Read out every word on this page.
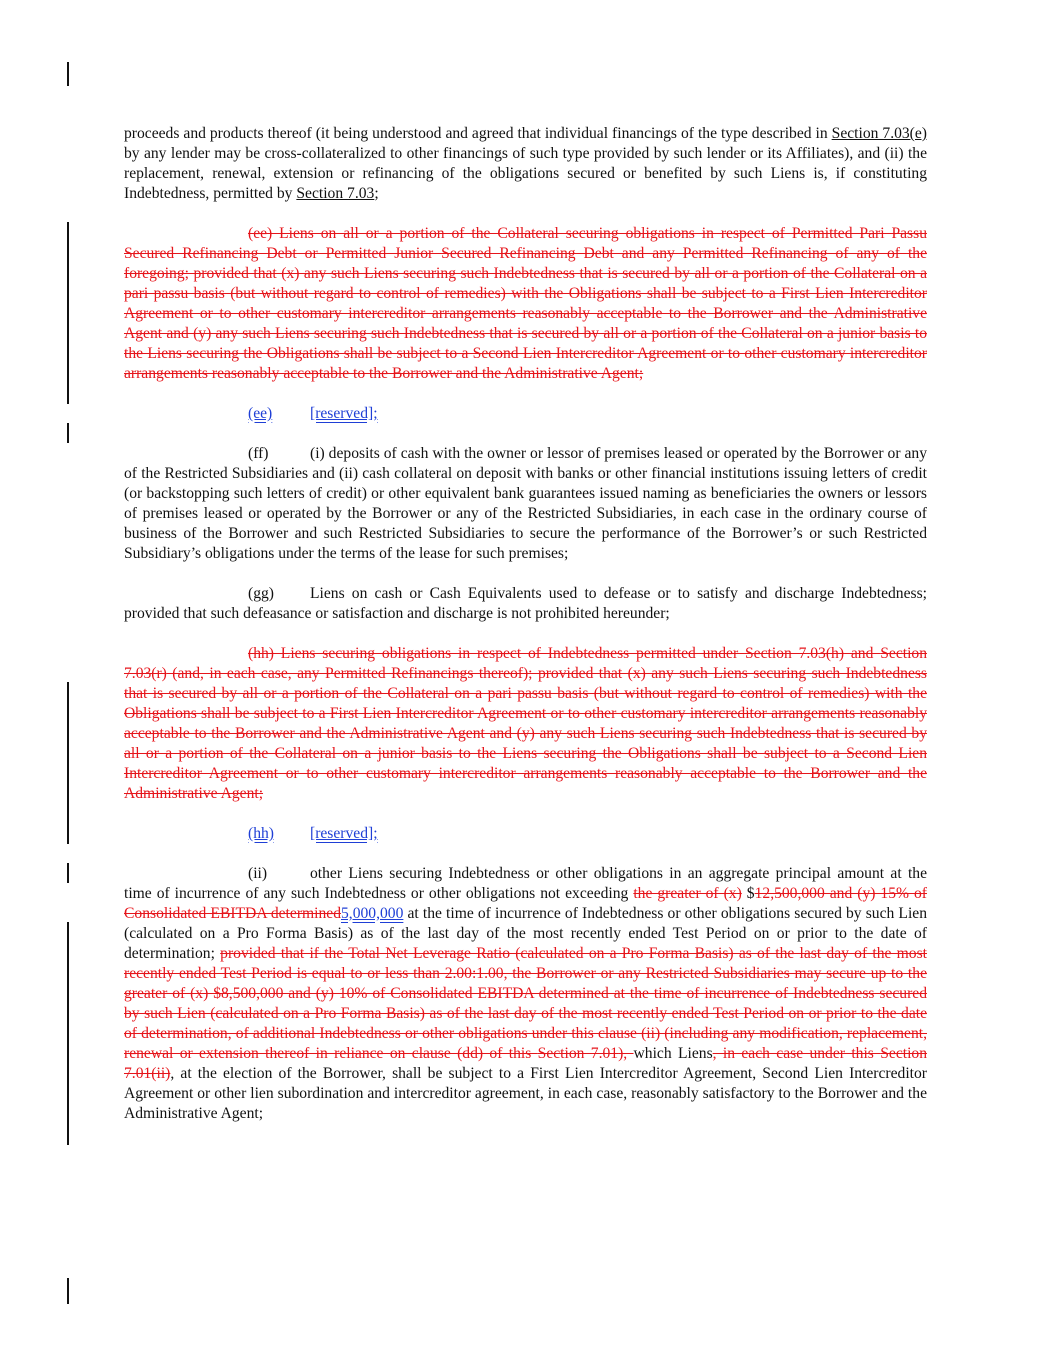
proceeds and products thereof (it being understood and agreed that individual financings of the type described in Section 7.03(e) by any lender may be cross-collateralized to other financings of such type provided by such lender or its Affiliates), and (ii) the replacement, renewal, extension or refinancing of the obligations secured or benefited by such Liens is, if constituting Indebtedness, permitted by Section 7.03;

(ee) Liens on all or a portion of the Collateral securing obligations in respect of Permitted Pari Passu Secured Refinancing Debt or Permitted Junior Secured Refinancing Debt and any Permitted Refinancing of any of the foregoing; provided that (x) any such Liens securing such Indebtedness that is secured by all or a portion of the Collateral on a pari passu basis (but without regard to control of remedies) with the Obligations shall be subject to a First Lien Intercreditor Agreement or to other customary intercreditor arrangements reasonably acceptable to the Borrower and the Administrative Agent and (y) any such Liens securing such Indebtedness that is secured by all or a portion of the Collateral on a junior basis to the Liens securing the Obligations shall be subject to a Second Lien Intercreditor Agreement or to other customary intercreditor arrangements reasonably acceptable to the Borrower and the Administrative Agent;

(ee) [reserved];

(ff)	(i) deposits of cash with the owner or lessor of premises leased or operated by the Borrower or any of the Restricted Subsidiaries and (ii) cash collateral on deposit with banks or other financial institutions issuing letters of credit (or backstopping such letters of credit) or other equivalent bank guarantees issued naming as beneficiaries the owners or lessors of premises leased or operated by the Borrower or any of the Restricted Subsidiaries, in each case in the ordinary course of business of the Borrower and such Restricted Subsidiaries to secure the performance of the Borrower’s or such Restricted Subsidiary’s obligations under the terms of the lease for such premises;

(gg) Liens on cash or Cash Equivalents used to defease or to satisfy and discharge Indebtedness; provided that such defeasance or satisfaction and discharge is not prohibited hereunder;

(hh) Liens securing obligations in respect of Indebtedness permitted under Section 7.03(h) and Section 7.03(r) (and, in each case, any Permitted Refinancings thereof); provided that (x) any such Liens securing such Indebtedness that is secured by all or a portion of the Collateral on a pari passu basis (but without regard to control of remedies) with the Obligations shall be subject to a First Lien Intercreditor Agreement or to other customary intercreditor arrangements reasonably acceptable to the Borrower and the Administrative Agent and (y) any such Liens securing such Indebtedness that is secured by all or a portion of the Collateral on a junior basis to the Liens securing the Obligations shall be subject to a Second Lien Intercreditor Agreement or to other customary intercreditor arrangements reasonably acceptable to the Borrower and the Administrative Agent;

(hh) [reserved];

(ii)	other Liens securing Indebtedness or other obligations in an aggregate principal amount at the time of incurrence of any such Indebtedness or other obligations not exceeding the greater of (x) $12,500,000 and (y) 15% of Consolidated EBITDA determined5,000,000 at the time of incurrence of Indebtedness or other obligations secured by such Lien (calculated on a Pro Forma Basis) as of the last day of the most recently ended Test Period on or prior to the date of determination; provided that if the Total Net Leverage Ratio (calculated on a Pro Forma Basis) as of the last day of the most recently ended Test Period is equal to or less than 2.00:1.00, the Borrower or any Restricted Subsidiaries may secure up to the greater of (x) $8,500,000 and (y) 10% of Consolidated EBITDA determined at the time of incurrence of Indebtedness secured by such Lien (calculated on a Pro Forma Basis) as of the last day of the most recently ended Test Period on or prior to the date of determination, of additional Indebtedness or other obligations under this clause (ii) (including any modification, replacement, renewal or extension thereof in reliance on clause (dd) of this Section 7.01), which Liens, in each case under this Section 7.01(ii), at the election of the Borrower, shall be subject to a First Lien Intercreditor Agreement, Second Lien Intercreditor Agreement or other lien subordination and intercreditor agreement, in each case, reasonably satisfactory to the Borrower and the Administrative Agent;
